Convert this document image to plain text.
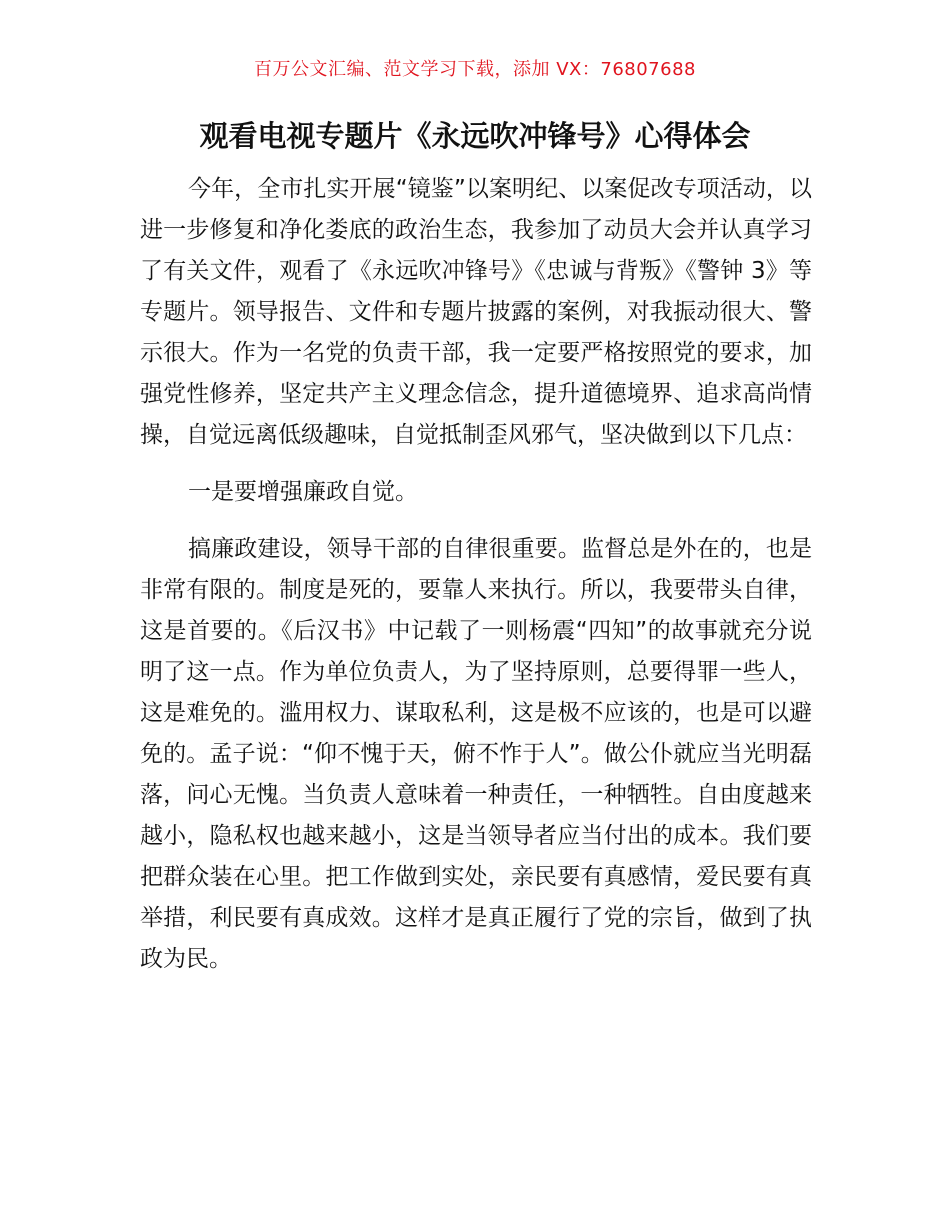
百万公文汇编、范文学习下载，添加 VX：76807688
观看电视专题片《永远吹冲锋号》心得体会

今年，全市扎实开展“镜鉴”以案明纪、以案促改专项活动，以进一步修复和净化娄底的政治生态，我参加了动员大会并认真学习了有关文件，观看了《永远吹冲锋号》《忠诚与背叛》《警钟 3》等专题片。领导报告、文件和专题片披露的案例，对我振动很大、警示很大。作为一名党的负责干部，我一定要严格按照党的要求，加强党性修养，坚定共产主义理念信念，提升道德境界、追求高尚情操，自觉远离低级趣味，自觉抵制歪风邪气，坚决做到以下几点：

一是要增强廉政自觉。

搞廉政建设，领导干部的自律很重要。监督总是外在的，也是非常有限的。制度是死的，要靠人来执行。所以，我要带头自律，这是首要的。《后汉书》中记载了一则杨震“四知”的故事就充分说明了这一点。作为单位负责人，为了坚持原则，总要得罪一些人，这是难免的。滥用权力、谋取私利，这是极不应该的，也是可以避免的。孟子说：“仰不愧于天，俯不怍于人”。做公仆就应当光明磊落，问心无愧。当负责人意味着一种责任，一种牺牲。自由度越来越小，隐私权也越来越小，这是当领导者应当付出的成本。我们要把群众装在心里。把工作做到实处，亲民要有真感情，爱民要有真举措，利民要有真成效。这样才是真正履行了党的宗旨，做到了执政为民。
